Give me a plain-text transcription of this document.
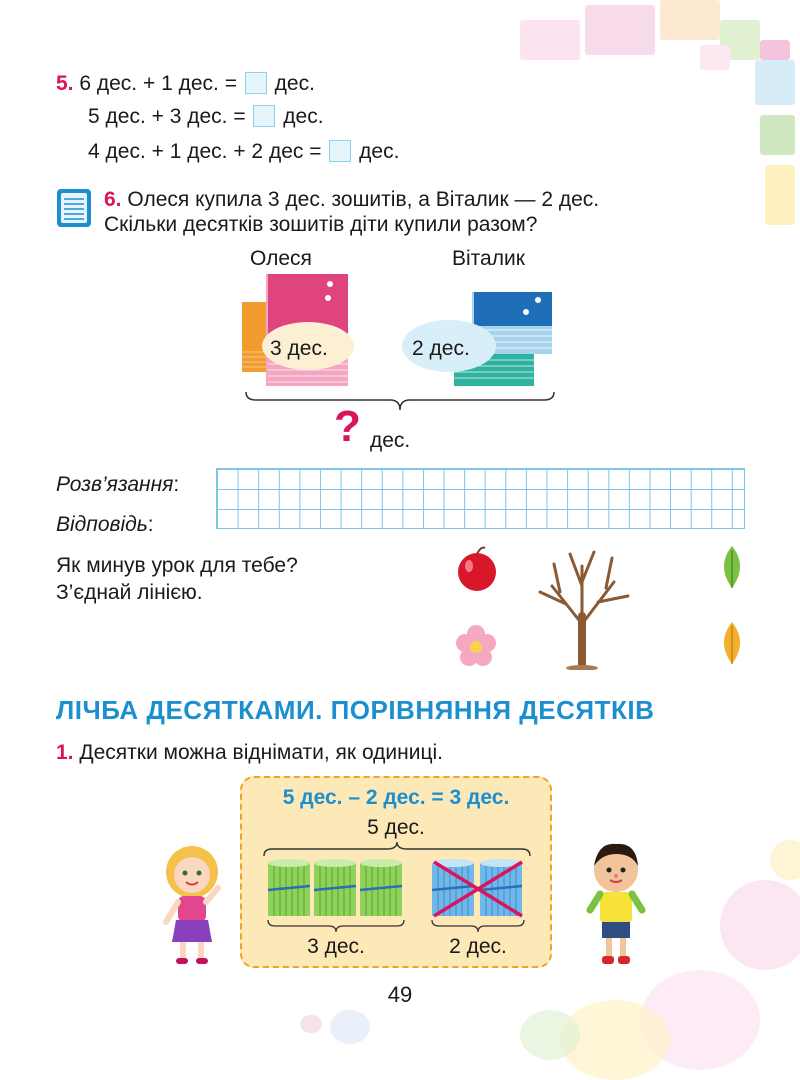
5. 6 дес. + 1 дес. = дес.
5 дес. + 3 дес. = дес.
4 дес. + 1 дес. + 2 дес = дес.
6. Олеся купила 3 дес. зошитів, а Віталик — 2 дес.
Скільки десятків зошитів діти купили разом?
Олеся	Віталик
3 дес.	2 дес.
? дес.
Розв’язання:
Відповідь:
Як минув урок для тебе?
З’єднай лінією.
ЛІЧБА ДЕСЯТКАМИ. ПОРІВНЯННЯ ДЕСЯТКІВ
1. Десятки можна віднімати, як одиниці.
5 дес. – 2 дес. = 3 дес.
5 дес.
3 дес.	2 дес.
49
